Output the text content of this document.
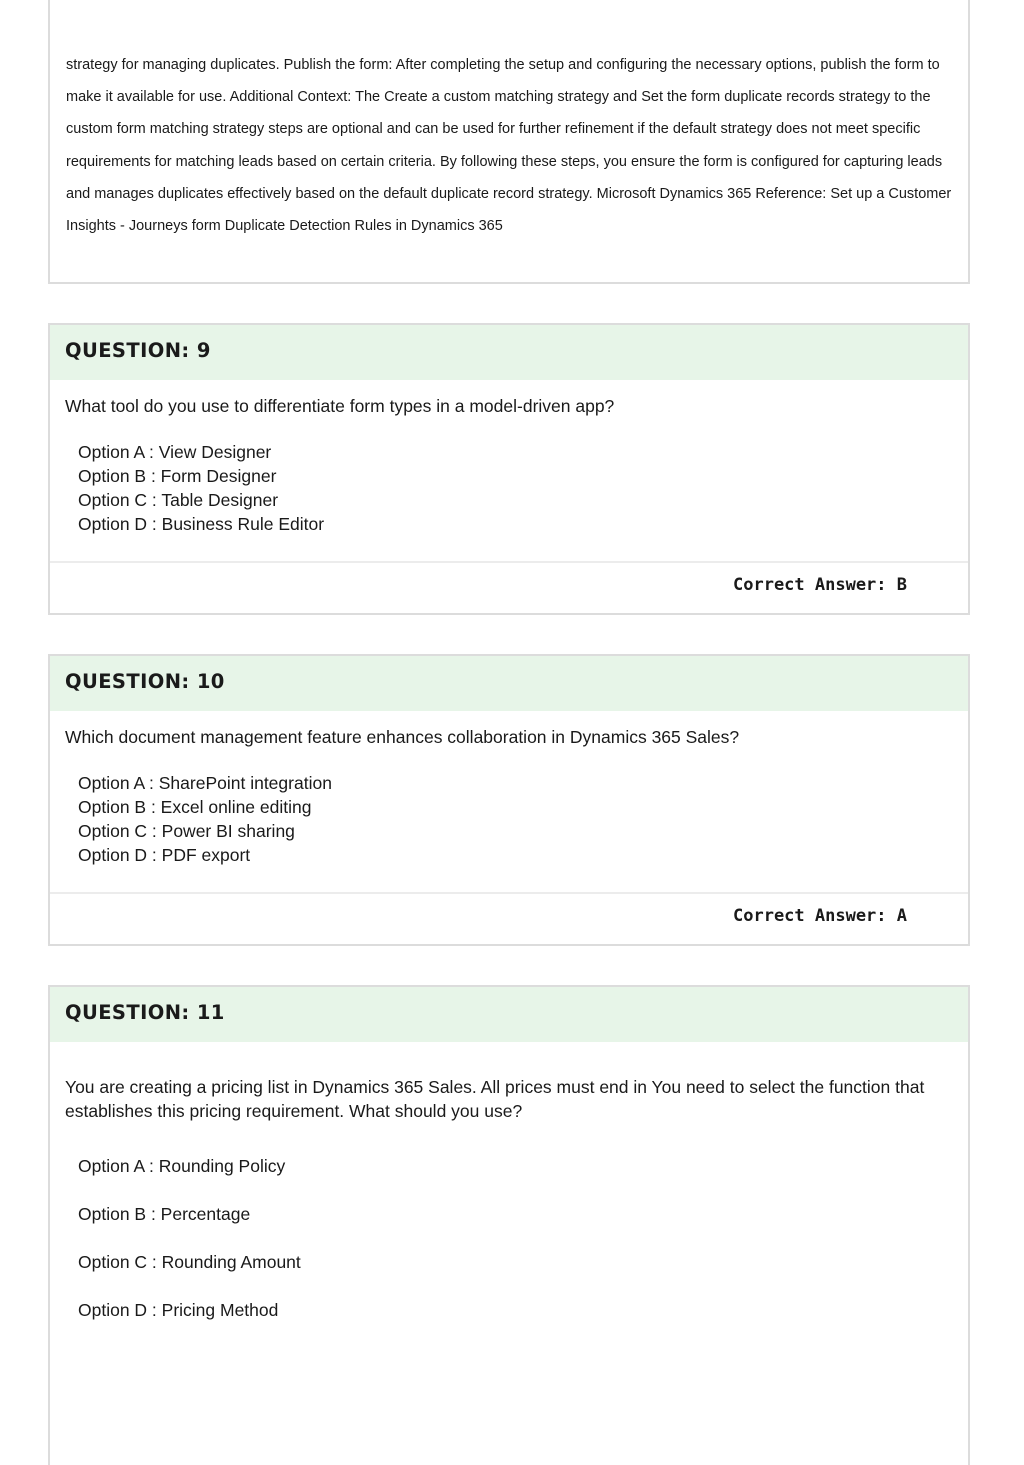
strategy for managing duplicates. Publish the form: After completing the setup and configuring the necessary options, publish the form to make it available for use. Additional Context: The Create a custom matching strategy and Set the form duplicate records strategy to the custom form matching strategy steps are optional and can be used for further refinement if the default strategy does not meet specific requirements for matching leads based on certain criteria. By following these steps, you ensure the form is configured for capturing leads and manages duplicates effectively based on the default duplicate record strategy. Microsoft Dynamics 365 Reference: Set up a Customer Insights - Journeys form Duplicate Detection Rules in Dynamics 365
QUESTION: 9
What tool do you use to differentiate form types in a model-driven app?
Option A : View Designer
Option B : Form Designer
Option C : Table Designer
Option D : Business Rule Editor
Correct Answer: B
QUESTION: 10
Which document management feature enhances collaboration in Dynamics 365 Sales?
Option A : SharePoint integration
Option B : Excel online editing
Option C : Power BI sharing
Option D : PDF export
Correct Answer: A
QUESTION: 11
You are creating a pricing list in Dynamics 365 Sales. All prices must end in You need to select the function that establishes this pricing requirement. What should you use?
Option A : Rounding Policy
Option B : Percentage
Option C : Rounding Amount
Option D : Pricing Method
